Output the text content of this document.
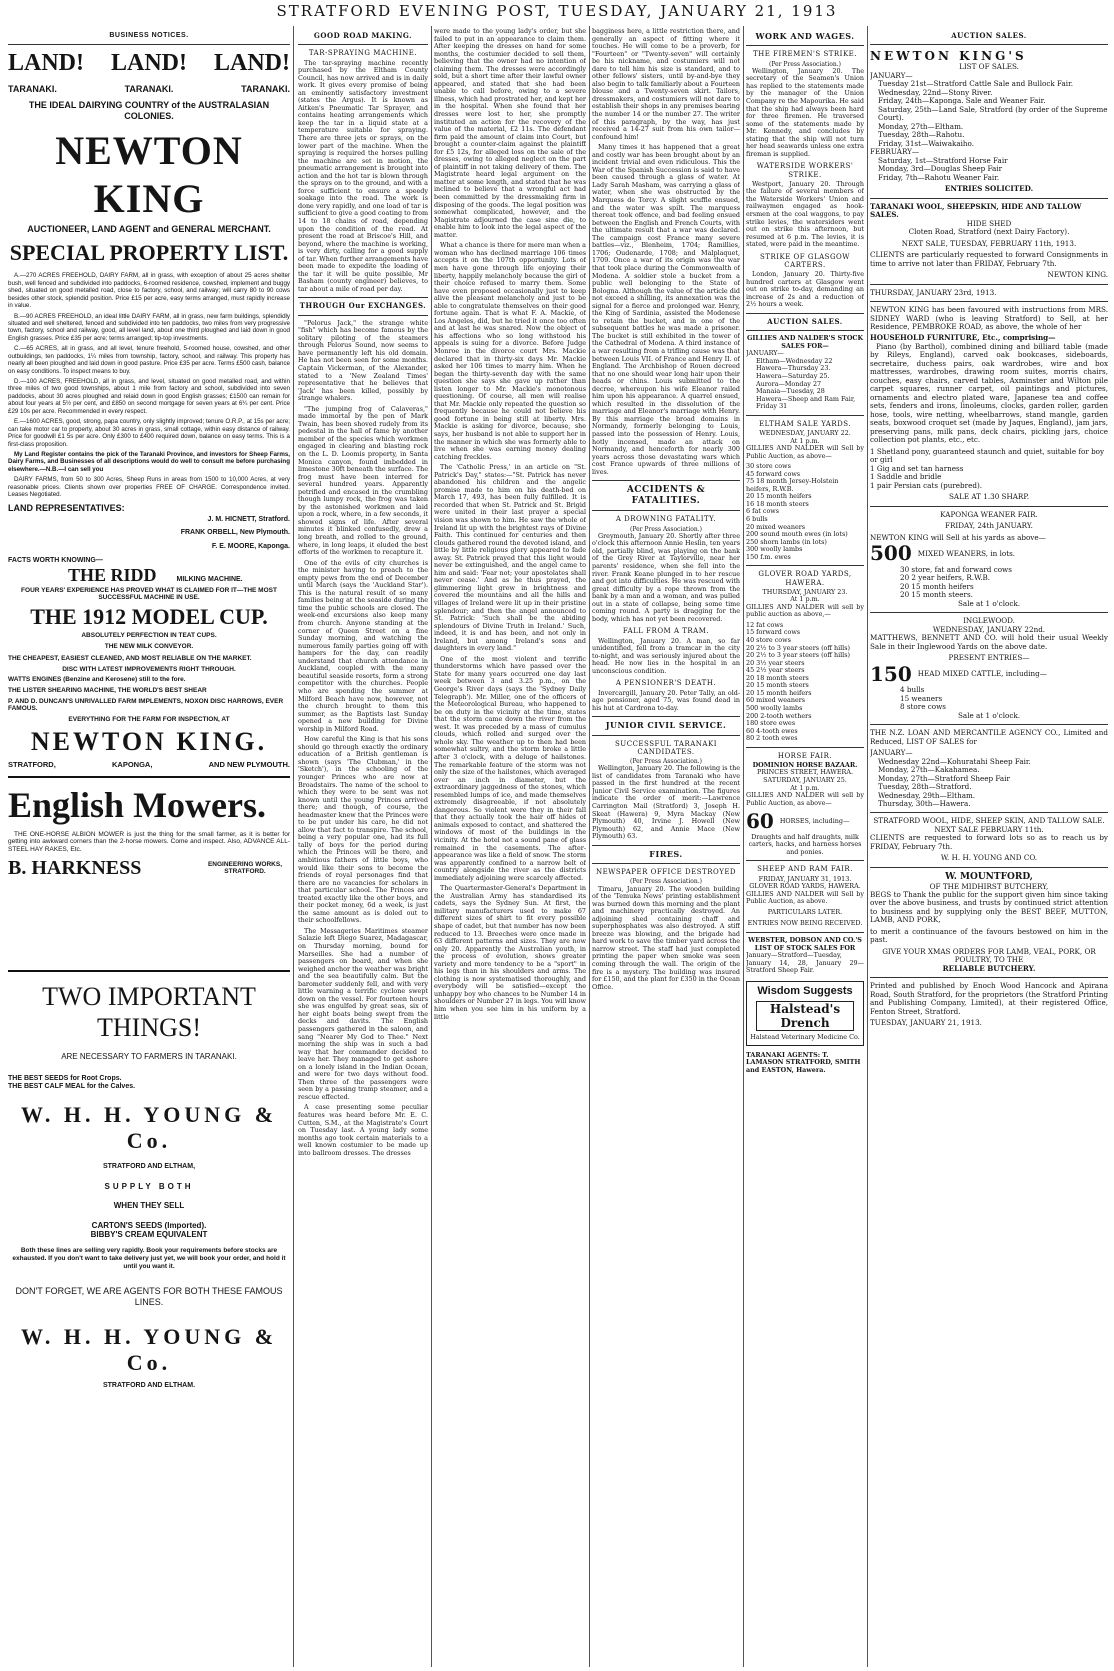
STRATFORD EVENING POST, TUESDAY, JANUARY 21, 1913
BUSINESS NOTICES.
LAND! LAND! LAND!
TARANAKI.	TARANAKI.	TARANAKI.
THE IDEAL DAIRYING COUNTRY of the AUSTRALASIAN COLONIES.
NEWTON KING
AUCTIONEER, LAND AGENT and GENERAL MERCHANT.
SPECIAL PROPERTY LIST.

A.—270 ACRES FREEHOLD, DAIRY FARM, all in grass, with exception of about 25 acres shelter bush, well fenced and subdivided into paddocks, 6-roomed residence, cowshed, implement and buggy shed, situated on good metalled road, close to factory, school, and railway; will carry 80 to 90 cows besides other stock, splendid position. Price £15 per acre, easy terms arranged, must rapidly increase in value.

B.—90 ACRES FREEHOLD, an ideal little DAIRY FARM, all in grass, new farm buildings, splendidly situated and well sheltered, fenced and subdivided into ten paddocks, two miles from very progressive town, factory, school and railway, good, all level land, about one third ploughed and laid down in good English grasses. Price £35 per acre; terms arranged; tip-top investments.

C.—65 ACRES, all in grass, and all level, tenure freehold, 5-roomed house, cowshed, and other outbuildings, ten paddocks, 1¼ miles from township, factory, school, and railway. This property has nearly all been ploughed and laid down in good pasture. Price £35 per acre. Terms £500 cash, balance on easy conditions. To inspect means to buy.

D.—100 ACRES, FREEHOLD, all in grass, and level, situated on good metalled road, and within three miles of two good townships, about 1 mile from factory and school, subdivided into seven paddocks, about 30 acres ploughed and relaid down in good English grasses; £1500 can remain for about four years at 5½ per cent, and £850 on second mortgage for seven years at 6¼ per cent. Price £29 10s per acre. Recommended in every respect.

E.—1600 ACRES, good, strong, papa country, only slightly improved; tenure O.R.P., at 15s per acre; can take motor car to property, about 30 acres in grass, small cottage, within easy distance of railway. Price for goodwill £1 5s per acre. Only £300 to £400 required down, balance on easy terms. This is a first-class proposition.

My Land Register contains the pick of the Taranaki Province, and investors for Sheep Farms, Dairy Farms, and Businesses of all descriptions would do well to consult me before purchasing elsewhere.—N.B.—I can sell you

DAIRY FARMS, from 50 to 300 Acres, Sheep Runs in areas from 1500 to 10,000 Acres, at very reasonable prices. Clients shown over properties FREE OF CHARGE. Correspondence invited. Leases Negotiated.

LAND REPRESENTATIVES:
J. M. HICNETT, Stratford.
FRANK ORBELL, New Plymouth.
F. E. MOORE, Kaponga.
FACTS WORTH KNOWING—
THE RIDD	MILKING MACHINE.
FOUR YEARS' EXPERIENCE HAS PROVED WHAT IS CLAIMED FOR IT—THE MOST SUCCESSFUL MACHINE IN USE.
THE 1912 MODEL CUP.
ABSOLUTELY PERFECTION IN TEAT CUPS.
THE NEW MILK CONVEYOR.
THE CHEAPEST, EASIEST CLEANED, AND MOST RELIABLE ON THE MARKET.
DISC WITH LATEST IMPROVEMENTS RIGHT THROUGH.
WATTS ENGINES (Benzine and Kerosene) still to the fore.
THE LISTER SHEARING MACHINE, THE WORLD'S BEST SHEAR
P. AND D. DUNCAN'S UNRIVALLED FARM IMPLEMENTS, NOXON DISC HARROWS, EVER FAMOUS.
EVERYTHING FOR THE FARM FOR INSPECTION, AT
NEWTON KING.
STRATFORD,	KAPONGA,	AND NEW PLYMOUTH.
English Mowers.

THE ONE-HORSE ALBION MOWER is just the thing for the small farmer, as it is better for getting into awkward corners than the 2-horse mowers. Come and inspect. Also, ADVANCE ALL-STEEL HAY RAKES, Etc.

B. HARKNESS	ENGINEERING WORKS, STRATFORD.
TWO IMPORTANT THINGS!
ARE NECESSARY TO FARMERS IN TARANAKI.
THE BEST SEEDS for Root Crops.
THE BEST CALF MEAL for the Calves.
W. H. H. YOUNG & Co.
STRATFORD AND ELTHAM,
SUPPLY BOTH
WHEN THEY SELL
CARTON'S SEEDS (Imported).
BIBBY'S CREAM EQUIVALENT
Both these lines are selling very rapidly. Book your requirements before stocks are exhausted. If you don't want to take delivery just yet, we will book your order, and hold it until you want it.
DON'T FORGET, WE ARE AGENTS FOR BOTH THESE FAMOUS LINES.
W. H. H. YOUNG & Co.
STRATFORD AND ELTHAM.
GOOD ROAD MAKING.
TAR-SPRAYING MACHINE.

The tar-spraying machine recently purchased by the Eltham County Council, has now arrived and is in daily work. It gives every promise of being an eminently satisfactory investment (states the Argus). It is known as Aitken's Pneumatic Tar Sprayer, and contains heating arrangements which keep the tar in a liquid state at a temperature suitable for spraying. There are three jets or sprays, on the lower part of the machine. When the spraying is required the horses pulling the machine are set in motion, the pneumatic arrangement is brought into action and the hot tar is blown through the sprays on to the ground, and with a force sufficient to ensure a speedy soakage into the road. The work is done very rapidly, and one load of tar is sufficient to give a good coating to from 14 to 18 chains of road, depending upon the condition of the road. At present the road at Briscoe's Hill, and beyond, where the machine is working, is very dirty, calling for a good supply of tar. When further arrangements have been made to expedite the loading of the tar it will be quite possible, Mr Basham (county engineer) believes, to tar about a mile of road per day.

THROUGH Our EXCHANGES.

"Pelorus Jack," the strange white "fish" which has become famous by the solitary piloting of the steamers through Pelorus Sound, now seems to have permanently left his old domain. He has not been seen for some months. Captain Vickerman, of the Alexander, stated to a 'New Zealand Times' representative that he believes that 'Jack' has been killed, possibly by strange whalers.

"The jumping frog of Calaveras," made immortal by the pen of Mark Twain, has been shoved rudely from its pedestal in the hall of fame by another member of the species which workmen engaged in clearing and blasting rock on the L. D. Loomis property, in Santa Monica canyon, found imbedded in limestone 30ft beneath the surface. The frog must have been interred for several hundred years. Apparently petrified and encased in the crumbling though lumpy rock, the frog was taken by the astonished workmen and laid upon a rock, where, in a few seconds, it showed signs of life. After several minutes it blinked confusedly, drew a long breath, and rolled to the ground, where, in long leaps, it eluded the best efforts of the workmen to recapture it.

One of the evils of city churches is the minister having to preach to the empty pews from the end of December until March (says the 'Auckland Star'). This is the natural result of so many families being at the seaside during the time the public schools are closed. The week-end excursions also keep many from church. Anyone standing at the corner of Queen Street on a fine Sunday morning, and watching the numerous family parties going off with hampers for the day, can readily understand that church attendance in Auckland, coupled with the many beautiful seaside resorts, form a strong competitor with the churches. People who are spending the summer at Milford Beach have now, however, not the church brought to them this summer, as the Baptists last Sunday opened a new building for Divine worship in Milford Road.

How careful the King is that his sons should go through exactly the ordinary education of a British gentleman is shown (says 'The Clubman,' in the 'Sketch'), in the schooling of the younger Princes who are now at Broadstairs. The name of the school to which they were to be sent was not known until the young Princes arrived there; and though, of course, the headmaster knew that the Princes were to be put under his care, he did not allow that fact to transpire. The school, being a very popular one, had its full tally of boys for the period during which the Princes will be there, and ambitious fathers of little boys, who would like their sons to become the friends of royal personages find that there are no vacancies for scholars in that particular school. The Princes are treated exactly like the other boys, and their pocket money, 6d a week, is just the same amount as is doled out to their schoolfellows.

The Messageries Maritimes steamer Salazie left Diego Suarez, Madagascar, on Thursday morning, bound for Marseilles. She had a number of passengers on board, and when she weighed anchor the weather was bright and the sea beautifully calm. But the barometer suddenly fell, and with very little warning a terrific cyclone swept down on the vessel. For fourteen hours she was engulfed by great seas, six of her eight boats being swept from the decks and davits. The English passengers gathered in the saloon, and sang "Nearer My God to Thee." Next morning the ship was in such a bad way that her commander decided to leave her. They managed to get ashore on a lonely island in the Indian Ocean, and were for two days without food. Then three of the passengers were seen by a passing tramp steamer, and a rescue effected.

A case presenting some peculiar features was heard before Mr. E. C. Cutten, S.M., at the Magistrate's Court on Tuesday last. A young lady some months ago took certain materials to a well known costumier to be made up into ballroom dresses. The dresses

were made to the young lady's order, but she failed to put in an appearance to claim them. After keeping the dresses on hand for some months, the costumier decided to sell them, believing that the owner had no intention of claiming them. The dresses were accordingly sold, but a short time after their lawful owner appeared, and stated that she had been unable to call before, owing to a severe illness, which had prostrated her, and kept her in the hospital. When she found that her dresses were lost to her, she promptly instituted an action for the recovery of the value of the material, £2 11s. The defendant firm paid the amount of claim into Court, but brought a counter-claim against the plaintiff for £5 12s, for alleged loss on the sale of the dresses, owing to alleged neglect on the part of plaintiff in not taking delivery of them. The Magistrate heard legal argument on the matter at some length, and stated that he was inclined to believe that a wrongful act had been committed by the dressmaking firm in disposing of the goods. The legal position was somewhat complicated, however, and the Magistrate adjourned the case sine die, to enable him to look into the legal aspect of the matter.

What a chance is there for mere man when a woman who has declined marriage 106 times accepts it on the 107th opportunity. Lots of men have gone through life enjoying their liberty, happily melancholy because the girl of their choice refused to marry them. Some have even proposed occasionally just to keep alive the pleasant melancholy and just to be able to congratulate themselves on their good fortune again. That is what F. A. Mackie, of Los Angeles, did, but he tried it once too often and at last he was snared. Now the object of his affections who so long withstood his appeals is suing for a divorce. Before Judge Monroe in the divorce court Mrs. Mackie declared that in thirty-six days Mr. Mackie asked her 106 times to marry him. When he began the thirty-seventh day with the same question she says she gave up rather than listen longer to Mr. Mackie's monotonous questioning. Of course, all men will realise that Mr. Mackie only repeated the question so frequently because he could not believe his good fortune in being still at liberty. Mrs. Mackie is asking for divorce, because, she says, her husband is not able to support her in the manner in which she was formerly able to live when she was earning money dealing catching freckles.

The 'Catholic Press,' in an article on "St. Patrick's Day," states:—"St. Patrick has never abandoned his children and the angelic promise made to him on his death-bed on March 17, 493, has been fully fulfilled. It is recorded that when St. Patrick and St. Brigid were united in their last prayer a special vision was shown to him. He saw the whole of Ireland lit up with the brightest rays of Divine Faith. This continued for centuries and then clouds gathered round the devoted island, and little by little religious glory appeared to fade away. St. Patrick prayed that this light would never be extinguished, and the angel came to him and said: 'Fear not; your apostolates shall never cease.' And as he thus prayed, the glimmering light grew in brightness and covered the mountains and all the hills and villages of Ireland were lit up in their pristine splendour; and then the angel announced to St. Patrick: 'Such shall be the abiding splendours of Divine Truth in Ireland.' Such, indeed, it is and has been, and not only in Ireland, but among Ireland's sons and daughters in every land."

One of the most violent and terrific thunderstorms which have passed over the State for many years occurred one day last week between 3 and 3.25 p.m., on the George's River days (says the 'Sydney Daily Telegraph'). Mr. Miller, one of the officers of the Meteorological Bureau, who happened to be on duty in the vicinity at the time, states that the storm came down the river from the west. It was preceded by a mass of cumulus clouds, which rolled and surged over the whole sky. The weather up to then had been somewhat sultry, and the storm broke a little after 3 o'clock, with a deluge of hailstones. The remarkable feature of the storm was not only the size of the hailstones, which averaged over an inch in diameter, but the extraordinary jaggedness of the stones, which resembled lumps of ice, and made themselves extremely disagreeable, if not absolutely dangerous. So violent were they in their fall that they actually took the hair off hides of animals exposed to contact, and shattered the windows of most of the buildings in the vicinity. At the hotel not a sound pane of glass remained in the casements. The after-appearance was like a field of snow. The storm was apparently confined to a narrow belt of country alongside the river as the districts immediately adjoining were scarcely affected.

The Quartermaster-General's Department in the Australian Army has standardised its cadets, says the Sydney Sun. At first, the military manufacturers used to make 67 different sizes of shirt to fit every possible shape of cadet, but that number has now been reduced to 13. Breeches were once made in 63 different patterns and sizes. They are now only 20. Apparently the Australian youth, in the process of evolution, shows greater variety and more tendency to be a "sport" in his legs than in his shoulders and arms. The clothing is now systematised thoroughly, and everybody will be satisfied—except the unhappy boy who chances to be Number 14 in shoulders or Number 27 in legs. You will know him when you see him in his uniform by a little

bagginess here, a little restriction there, and generally an aspect of fitting where it touches. He will come to be a proverb, for "Fourteen" or "Twenty-seven" will certainly be his nickname, and costumiers will not dare to tell him his size is standard, and to other fellows' sisters, until by-and-bye they also begin to talk familiarly about a Fourteen blouse and a Twenty-seven skirt. Tailors, dressmakers, and costumiers will not dare to establish their shops in any premises bearing the number 14 or the number 27. The writer of this paragraph, by the way, has just received a 14-27 suit from his own tailor—confound him!

Many times it has happened that a great and costly war has been brought about by an incident trivial and even ridiculous. This the War of the Spanish Succession is said to have been caused through a glass of water. At Lady Sarah Masham, was carrying a glass of water, when she was obstructed by the Marquess de Torcy. A slight scuffle ensued, and the water was spilt. The marquess thereat took offence, and bad feeling ensued between the English and French Courts, with the ultimate result that a war was declared. The campaign cost France many severe battles—viz., Blenheim, 1704; Ramillies, 1706; Oudenarde, 1708; and Malplaquet, 1709. Once a war of its origin was the war that took place during the Commonwealth of Modena. A soldier stole a bucket from a public well belonging to the State of Bologna. Although the value of the article did not exceed a shilling, its annexation was the signal for a fierce and prolonged war. Henry, the King of Sardinia, assisted the Modenese to retain the bucket, and in one of the subsequent battles he was made a prisoner. The bucket is still exhibited in the tower of the Cathedral of Modena. A third instance of a war resulting from a trifling cause was that between Louis VII. of France and Henry II. of England. The Archbishop of Rouen decreed that no one should wear long hair upon their heads or chins. Louis submitted to the decree, whereupon his wife Eleanor railed him upon his appearance. A quarrel ensued, which resulted in the dissolution of the marriage and Eleanor's marriage with Henry. By this marriage the broad domains in Normandy, formerly belonging to Louis, passed into the possession of Henry. Louis, hotly incensed, made an attack on Normandy, and henceforth for nearly 300 years across those devastating wars which cost France upwards of three millions of lives.

ACCIDENTS & FATALITIES.
A DROWNING FATALITY.
(Per Press Association.)

Greymouth, January 20. Shortly after three o'clock this afternoon Annie Heslin, ten years old, partially blind, was playing on the bank of the Grey River at Taylorville, near her parents' residence, when she fell into the river. Frank Keane plunged in to her rescue and got into difficulties. He was rescued with great difficulty by a rope thrown from the bank by a man and a woman, and was pulled out in a state of collapse, being some time coming round. A party is dragging for the body, which has not yet been recovered.

FALL FROM A TRAM.

Wellington, January 20. A man, so far unidentified, fell from a tramcar in the city to-night, and was seriously injured about the head. He now lies in the hospital in an unconscious condition.

A PENSIONER'S DEATH.

Invercargill, January 20. Peter Tally, an old-age pensioner, aged 75, was found dead in his hut at Cardrona to-day.

JUNIOR CIVIL SERVICE.
SUCCESSFUL TARANAKI CANDIDATES.
(Per Press Association.)

Wellington, January 20. The following is the list of candidates from Taranaki who have passed in the first hundred at the recent Junior Civil Service examination. The figures indicate the order of merit:—Lawrence Carrington Mail (Stratford) 3, Joseph H. Skeat (Hawera) 9, Myra Mackay (New Plymouth) 40, Irvine J. Howell (New Plymouth) 62, and Annie Mace (New Plymouth) 63.

FIRES.
NEWSPAPER OFFICE DESTROYED
(Per Press Association.)

Timaru, January 20. The wooden building of the 'Temuka News' printing establishment was burned down this morning and the plant and machinery practically destroyed. An adjoining shed containing chaff and superphosphates was also destroyed. A stiff breeze was blowing, and the brigade had hard work to save the timber yard across the narrow street. The staff had just completed printing the paper when smoke was seen coming through the wall. The origin of the fire is a mystery. The building was insured for £150, and the plant for £350 in the Ocean Office.

WORK AND WAGES.
THE FIREMEN'S STRIKE.
(Per Press Association.)

Wellington, January 20. The secretary of the Seamen's Union has replied to the statements made by the manager of the Union Company re the Mapourika. He said that the ship had always been hard for three firemen. He traversed some of the statements made by Mr. Kennedy, and concludes by stating that the ship will not turn her head seawards unless one extra fireman is supplied.

WATERSIDE WORKERS' STRIKE.

Westport, January 20. Through the failure of several members of the Waterside Workers' Union and railwaymen engaged as hook-ersmen at the coal waggons, to pay strike levies, the watersiders went out on strike this afternoon, but resumed at 6 p.m. The levies, it is stated, were paid in the meantime.

STRIKE OF GLASGOW CARTERS.

London, January 20. Thirty-five hundred carters at Glasgow went out on strike to-day, demanding an increase of 2s and a reduction of 2½ hours a week.

AUCTION SALES.
GILLIES AND NALDER'S STOCK SALES FOR—
JANUARY—
Eltham—Wednesday 22
Hawera—Thursday 23.
Hawera—Saturday 25.
Aurora—Monday 27
Manaia—Tuesday, 28
Hawera—Sheep and Ram Fair, Friday 31
ELTHAM SALE YARDS.
WEDNESDAY, JANUARY 22.
At 1 p.m.

GILLIES AND NALDER will Sell by Public Auction, as above—

30 store cows
45 forward cows
75 18 month Jersey-Holstein heifers, R.W.B.
20 15 month heifers
16 18 month steers
6 fat cows
6 bulls
20 mixed weaners
200 sound mouth ewes (in lots)
250 shorn lambs (in lots)
300 woolly lambs
150 f.m. ewes
GLOVER ROAD YARDS, HAWERA.
THURSDAY, JANUARY 23.
At 1 p.m.

GILLIES AND NALDER will sell by public auction as above,—

12 fat cows
15 forward cows
40 store cows
20 2½ to 3 year steers (off hills)
20 2½ to 3 year steers (off hills)
20 3½ year steers
45 2½ year steers
20 18 month steers
20 15 month steers
20 15 month heifers
60 mixed weaners
500 woolly lambs
200 2-tooth wethers
180 store ewes
60 4-tooth ewes
80 2 tooth ewes
HORSE FAIR.
DOMINION HORSE BAZAAR.
PRINCES STREET, HAWERA.
SATURDAY, JANUARY 25.
At 1 p.m.

GILLIES AND NALDER will sell by Public Auction, as above—

60 HORSES, including—

Draughts and half draughts, milk carters, hacks, and harness horses and ponies.

SHEEP AND RAM FAIR.
FRIDAY, JANUARY 31, 1913.
GLOVER ROAD YARDS, HAWERA.

GILLIES AND NALDER will Sell by Public Auction, as above.

PARTICULARS LATER.
ENTRIES NOW BEING RECEIVED.
WEBSTER, DOBSON AND CO.'S LIST OF STOCK SALES FOR

January—Stratford—Tuesday, January 14, 28, January 29—Stratford Sheep Fair.

Wisdom Suggests
Halstead's Drench
Halstead Veterinary Medicine Co.
TARANAKI AGENTS: T. LAMASON STRATFORD, SMITH and EASTON, Hawera.
AUCTION SALES.
NEWTON KING'S
LIST OF SALES.
JANUARY—
Tuesday 21st—Stratford Cattle Sale and Bullock Fair.
Wednesday, 22nd—Stony River.
Friday, 24th—Kaponga. Sale and Weaner Fair.
Saturday, 25th—Land Sale, Stratford (by order of the Supreme Court).
Monday, 27th—Eltham.
Tuesday, 28th—Rahotu.
Friday, 31st—Waiwakaiho.
FEBRUARY—
Saturday, 1st—Stratford Horse Fair
Monday, 3rd—Douglas Sheep Fair
Friday, 7th—Rahotu Weaner Fair.
ENTRIES SOLICITED.
TARANAKI WOOL, SHEEPSKIN, HIDE AND TALLOW SALES.
HIDE SHED
Cloten Road, Stratford (next Dairy Factory).
NEXT SALE, TUESDAY, FEBRUARY 11th, 1913.

CLIENTS are particularly requested to forward Consignments in time to arrive not later than FRIDAY, February 7th.

NEWTON KING.
THURSDAY, JANUARY 23rd, 1913.

NEWTON KING has been favoured with instructions from MRS. SIDNEY WARD (who is leaving Stratford) to Sell, at her Residence, PEMBROKE ROAD, as above, the whole of her

HOUSEHOLD FURNITURE, Etc., comprising—

Piano (by Barthol), combined dining and billiard table (made by Rileys, England), carved oak bookcases, sideboards, secretaire, duchess pairs, oak wardrobes, wire and box mattresses, wardrobes, drawing room suites, morris chairs, couches, easy chairs, carved tables, Axminster and Wilton pile carpet squares, runner carpet, oil paintings and pictures, ornaments and electro plated ware, Japanese tea and coffee sets, fenders and irons, linoleums, clocks, garden roller, garden hose, tools, wire netting, wheelbarrows, stand mangle, garden seats, boxwood croquet set (made by Jaques, England), jam jars, preserving pans, milk pans, deck chairs, pickling jars, choice collection pot plants, etc., etc.

1 Shetland pony, guaranteed staunch and quiet, suitable for boy or girl
1 Gig and set tan harness
1 Saddle and bridle
1 pair Persian cats (purebred).
SALE AT 1.30 SHARP.
KAPONGA WEANER FAIR.
FRIDAY, 24th JANUARY.
NEWTON KING will Sell at his yards as above—
500 MIXED WEANERS, in lots.
30 store, fat and forward cows
20 2 year heifers, R.W.B.
20 15 month heifers
20 15 month steers.
Sale at 1 o'clock.
INGLEWOOD.
WEDNESDAY, JANUARY 22nd.

MATTHEWS, BENNETT AND CO. will hold their usual Weekly Sale in their Inglewood Yards on the above date.

PRESENT ENTRIES—
150 HEAD MIXED CATTLE, including—
4 bulls
15 weaners
8 store cows
Sale at 1 o'clock.

THE N.Z. LOAN AND MERCANTILE AGENCY CO., Limited and Reduced, LIST OF SALES for

JANUARY—
Wednesday 22nd—Kohuratahi Sheep Fair.
Monday, 27th—Kakahamea.
Monday, 27th—Stratford Sheep Fair
Tuesday, 28th—Stratford.
Wednesday, 29th—Eltham.
Thursday, 30th—Hawera.
STRATFORD WOOL, HIDE, SHEEP SKIN, AND TALLOW SALE.
NEXT SALE FEBRUARY 11th.

CLIENTS are requested to forward lots so as to reach us by FRIDAY, February 7th.

W. H. H. YOUNG AND CO.
W. MOUNTFORD,
OF THE MIDHIRST BUTCHERY,

BEGS to Thank the public for the support given him since taking over the above business, and trusts by continued strict attention to business and by supplying only the BEST BEEF, MUTTON, LAMB, AND PORK,

to merit a continuance of the favours bestowed on him in the past.

GIVE YOUR XMAS ORDERS FOR LAMB, VEAL, PORK, OR POULTRY, TO THE
RELIABLE BUTCHERY.

Printed and published by Enoch Wood Hancock and Apirana Road, South Stratford, for the proprietors (the Stratford Printing and Publishing Company, Limited), at their registered Office, Fenton Street, Stratford.

TUESDAY, JANUARY 21, 1913.
